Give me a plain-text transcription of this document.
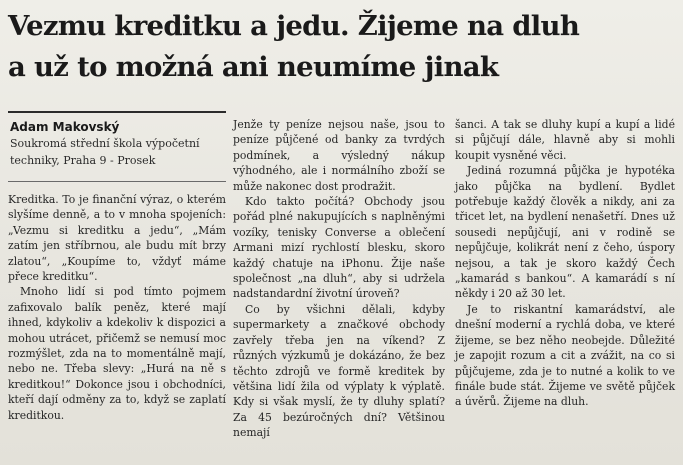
Vezmu kreditku a jedu. Žijeme na dluh
a už to možná ani neumíme jinak
Adam Makovský
Soukromá střední škola výpočetní
techniky, Praha 9 - Prosek

Kreditka. To je finanční výraz, o kterém slyšíme denně, a to v mnoha spojeních: „Vezmu si kreditku a jedu“, „Mám zatím jen stříbrnou, ale budu mít brzy zlatou“, „Koupíme to, vždyť máme přece kreditku“.

Mnoho lidí si pod tímto pojmem zafixovalo balík peněz, které mají ihned, kdykoliv a kdekoliv k dispozici a mohou utrácet, přičemž se nemusí moc rozmýšlet, zda na to momentálně mají, nebo ne. Třeba slevy: „Hurá na ně s kreditkou!“ Dokonce jsou i obchodníci, kteří dají odměny za to, když se zaplatí kreditkou.

Jenže ty peníze nejsou naše, jsou to peníze půjčené od banky za tvrdých podmínek, a výsledný nákup výhodného, ale i normálního zboží se může nakonec dost prodražit.

Kdo takto počítá? Obchody jsou pořád plné nakupujících s naplněnými vozíky, tenisky Converse a oblečení Armani mizí rychlostí blesku, skoro každý chatuje na iPhonu. Žije naše společnost „na dluh“, aby si udržela nadstandardní životní úroveň?

Co by všichni dělali, kdyby supermarkety a značkové obchody zavřely třeba jen na víkend? Z různých výzkumů je dokázáno, že bez těchto zdrojů ve formě kreditek by většina lidí žila od výplaty k výplatě. Kdy si však myslí, že ty dluhy splatí? Za 45 bezúročných dní? Většinou nemají

šanci. A tak se dluhy kupí a kupí a lidé si půjčují dále, hlavně aby si mohli koupit vysněné věci.

Jediná rozumná půjčka je hypotéka jako půjčka na bydlení. Bydlet potřebuje každý člověk a nikdy, ani za třicet let, na bydlení nenašetří. Dnes už sousedi nepůjčují, ani v rodině se nepůjčuje, kolikrát není z čeho, úspory nejsou, a tak je skoro každý Čech „kamarád s bankou“. A kamarádí s ní někdy i 20 až 30 let.

Je to riskantní kamarádství, ale dnešní moderní a rychlá doba, ve které žijeme, se bez něho neobejde. Důležité je zapojit rozum a cit a zvážit, na co si půjčujeme, zda je to nutné a kolik to ve finále bude stát. Žijeme ve světě půjček a úvěrů. Žijeme na dluh.
